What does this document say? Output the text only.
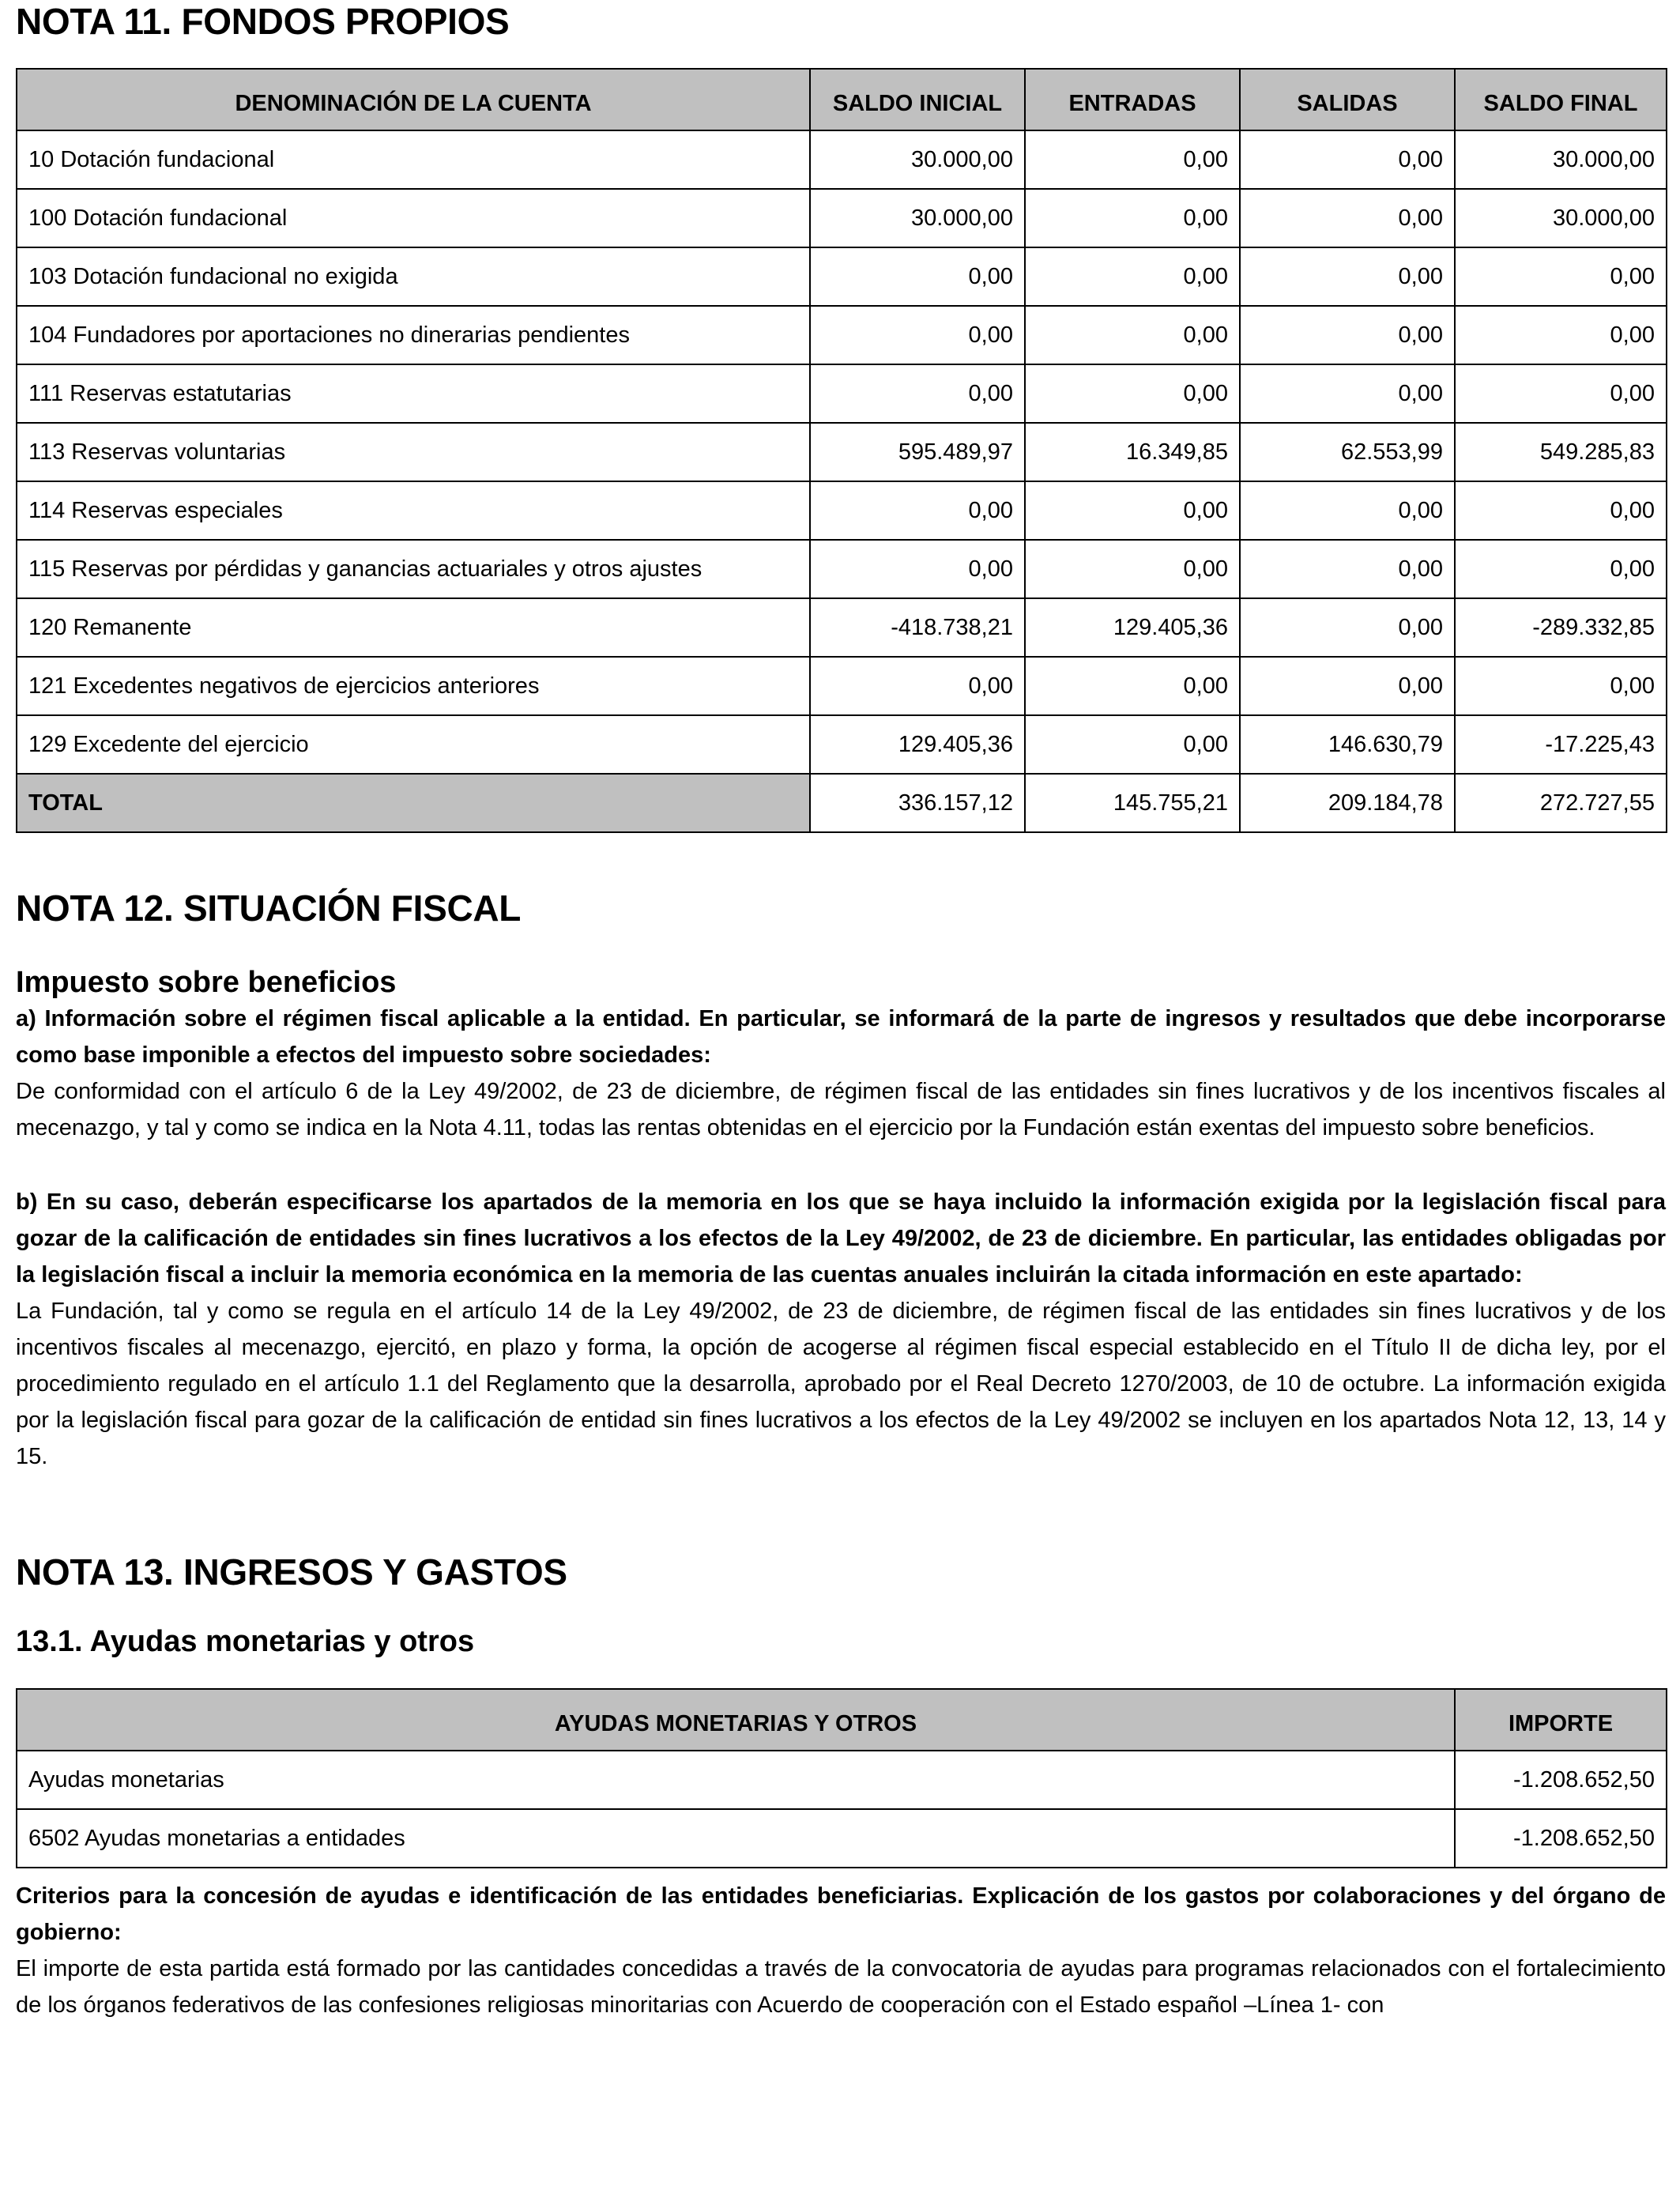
NOTA 11. FONDOS PROPIOS
DENOMINACIÓN DE LA CUENTA	SALDO INICIAL	ENTRADAS	SALIDAS	SALDO FINAL
10 Dotación fundacional	30.000,00	0,00	0,00	30.000,00
100 Dotación fundacional	30.000,00	0,00	0,00	30.000,00
103 Dotación fundacional no exigida	0,00	0,00	0,00	0,00
104 Fundadores por aportaciones no dinerarias pendientes	0,00	0,00	0,00	0,00
111 Reservas estatutarias	0,00	0,00	0,00	0,00
113 Reservas voluntarias	595.489,97	16.349,85	62.553,99	549.285,83
114 Reservas especiales	0,00	0,00	0,00	0,00
115 Reservas por pérdidas y ganancias actuariales y otros ajustes	0,00	0,00	0,00	0,00
120 Remanente	-418.738,21	129.405,36	0,00	-289.332,85
121 Excedentes negativos de ejercicios anteriores	0,00	0,00	0,00	0,00
129 Excedente del ejercicio	129.405,36	0,00	146.630,79	-17.225,43
TOTAL	336.157,12	145.755,21	209.184,78	272.727,55
NOTA 12. SITUACIÓN FISCAL
Impuesto sobre beneficios

a) Información sobre el régimen fiscal aplicable a la entidad. En particular, se informará de la parte de ingresos y resultados que debe incorporarse como base imponible a efectos del impuesto sobre sociedades:

De conformidad con el artículo 6 de la Ley 49/2002, de 23 de diciembre, de régimen fiscal de las entidades sin fines lucrativos y de los incentivos fiscales al mecenazgo, y tal y como se indica en la Nota 4.11, todas las rentas obtenidas en el ejercicio por la Fundación están exentas del impuesto sobre beneficios.

b) En su caso, deberán especificarse los apartados de la memoria en los que se haya incluido la información exigida por la legislación fiscal para gozar de la calificación de entidades sin fines lucrativos a los efectos de la Ley 49/2002, de 23 de diciembre. En particular, las entidades obligadas por la legislación fiscal a incluir la memoria económica en la memoria de las cuentas anuales incluirán la citada información en este apartado:

La Fundación, tal y como se regula en el artículo 14 de la Ley 49/2002, de 23 de diciembre, de régimen fiscal de las entidades sin fines lucrativos y de los incentivos fiscales al mecenazgo, ejercitó, en plazo y forma, la opción de acogerse al régimen fiscal especial establecido en el Título II de dicha ley, por el procedimiento regulado en el artículo 1.1 del Reglamento que la desarrolla, aprobado por el Real Decreto 1270/2003, de 10 de octubre. La información exigida por la legislación fiscal para gozar de la calificación de entidad sin fines lucrativos a los efectos de la Ley 49/2002 se incluyen en los apartados Nota 12, 13, 14 y 15.

NOTA 13. INGRESOS Y GASTOS
13.1. Ayudas monetarias y otros
AYUDAS MONETARIAS Y OTROS	IMPORTE
Ayudas monetarias	-1.208.652,50
6502 Ayudas monetarias a entidades	-1.208.652,50

Criterios para la concesión de ayudas e identificación de las entidades beneficiarias. Explicación de los gastos por colaboraciones y del órgano de gobierno:

El importe de esta partida está formado por las cantidades concedidas a través de la convocatoria de ayudas para programas relacionados con el fortalecimiento de los órganos federativos de las confesiones religiosas minoritarias con Acuerdo de cooperación con el Estado español –Línea 1- con
